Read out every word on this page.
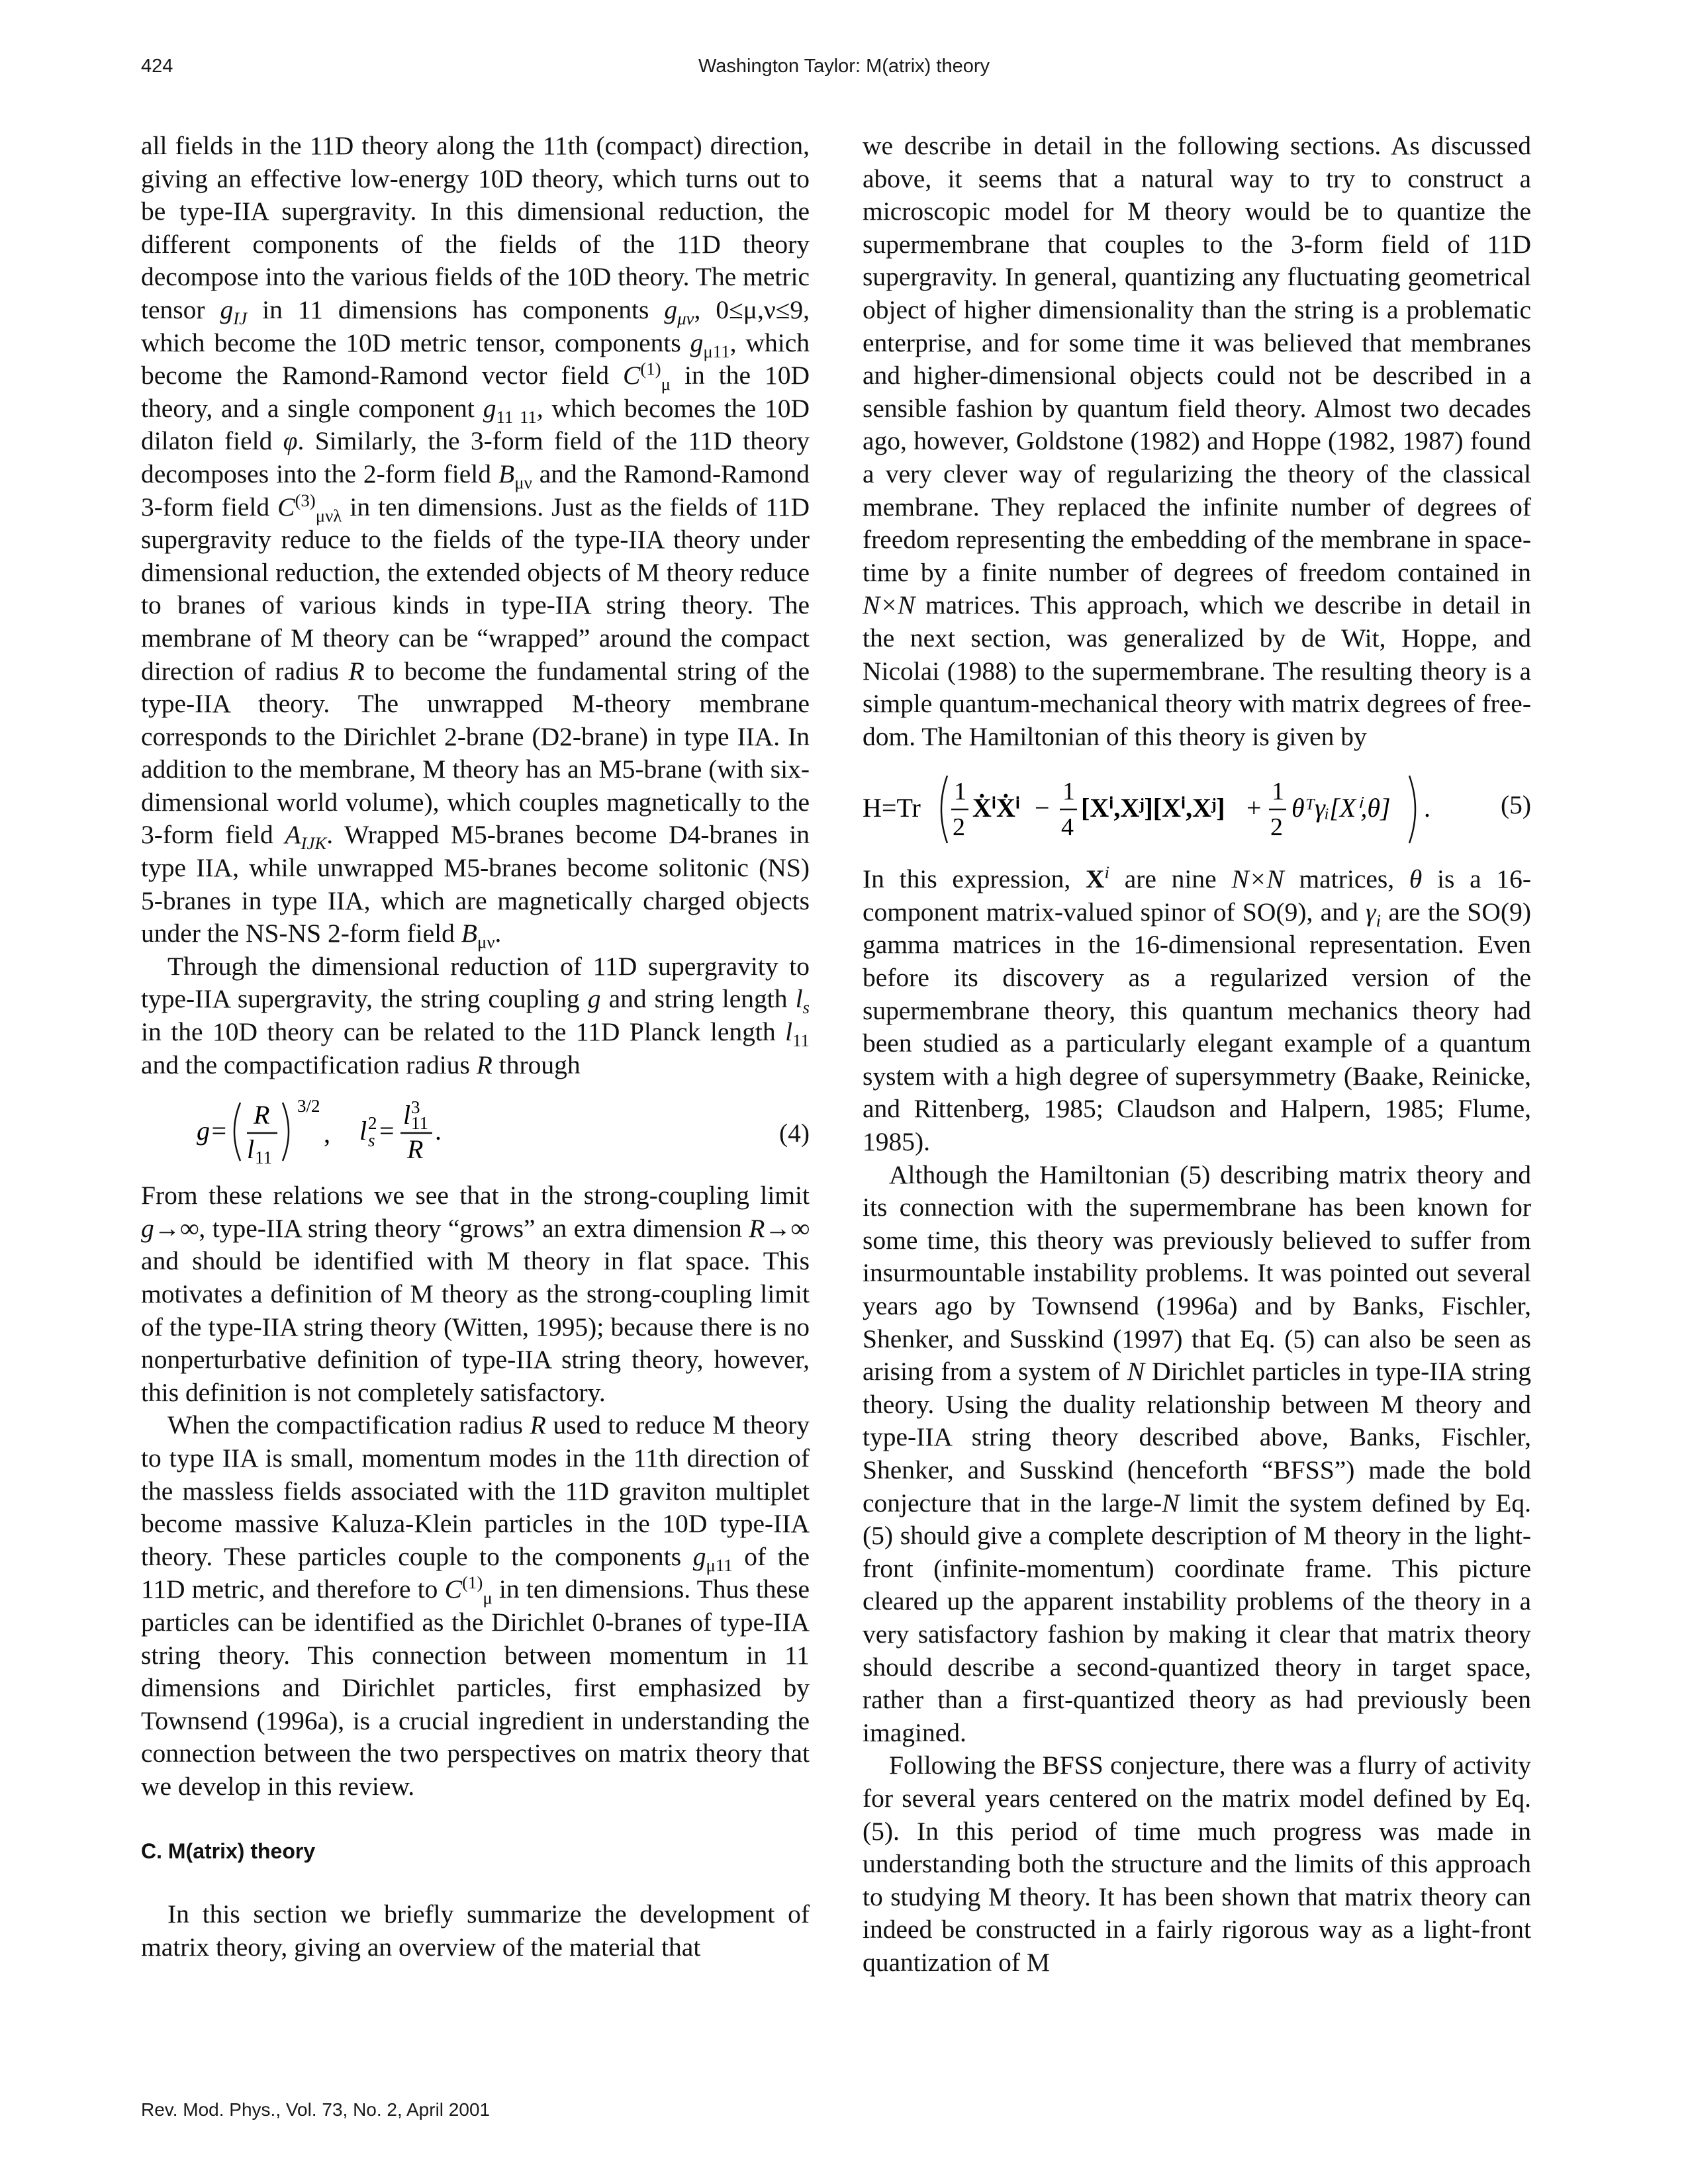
424	Washington Taylor: M(atrix) theory

all fields in the 11D theory along the 11th (compact) direction, giving an effective low-energy 10D theory, which turns out to be type-IIA supergravity. In this dimensional reduction, the different components of the fields of the 11D theory decompose into the various fields of the 10D theory. The metric tensor $g_{IJ}$ in 11 dimensions has components $g_{\mu\nu}$, 0≤μ,ν≤9, which become the 10D metric tensor, components $g_{\mu 11}$, which become the Ramond-Ramond vector field $C^{(1)}_\mu$ in the 10D theory, and a single component $g_{11 11}$, which becomes the 10D dilaton field φ. Similarly, the 3-form field of the 11D theory decomposes into the 2-form field $B_{\mu\nu}$ and the Ramond-Ramond 3-form field $C^{(3)}_{\mu\nu\lambda}$ in ten dimensions. Just as the fields of 11D supergravity reduce to the fields of the type-IIA theory under dimensional reduction, the extended objects of M theory reduce to branes of various kinds in type-IIA string theory. The membrane of M theory can be “wrapped” around the compact direction of radius R to become the fundamental string of the type-IIA theory. The unwrapped M-theory membrane corresponds to the Dirichlet 2-brane (D2-brane) in type IIA. In addition to the membrane, M theory has an M5-brane (with six-dimensional world volume), which couples magnetically to the 3-form field $A_{IJK}$. Wrapped M5-branes become D4-branes in type IIA, while unwrapped M5-branes become solitonic (NS) 5-branes in type IIA, which are magnetically charged objects under the NS-NS 2-form field $B_{\mu\nu}$.

Through the dimensional reduction of 11D supergravity to type-IIA supergravity, the string coupling g and string length $l_s$ in the 10D theory can be related to the 11D Planck length $l_{11}$ and the compactification radius R through

g=
R
l 11
3/2
, l 2
s =
l 3
11
R
.	(4)

From these relations we see that in the strong-coupling limit g→∞, type-IIA string theory “grows” an extra dimension R→∞ and should be identified with M theory in flat space. This motivates a definition of M theory as the strong-coupling limit of the type-IIA string theory (Witten, 1995); because there is no nonperturbative definition of type-IIA string theory, however, this definition is not completely satisfactory.

When the compactification radius R used to reduce M theory to type IIA is small, momentum modes in the 11th direction of the massless fields associated with the 11D graviton multiplet become massive Kaluza-Klein particles in the 10D type-IIA theory. These particles couple to the components $g_{\mu 11}$ of the 11D metric, and therefore to $C^{(1)}_\mu$ in ten dimensions. Thus these particles can be identified as the Dirichlet 0-branes of type-IIA string theory. This connection between momentum in 11 dimensions and Dirichlet particles, first emphasized by Townsend (1996a), is a crucial ingredient in understanding the connection between the two perspectives on matrix theory that we develop in this review.

C. M(atrix) theory

In this section we briefly summarize the development of matrix theory, giving an overview of the material that

we describe in detail in the following sections. As discussed above, it seems that a natural way to try to construct a microscopic model for M theory would be to quantize the supermembrane that couples to the 3-form field of 11D supergravity. In general, quantizing any fluctuating geometrical object of higher dimensionality than the string is a problematic enterprise, and for some time it was believed that membranes and higher-dimensional objects could not be described in a sensible fashion by quantum field theory. Almost two decades ago, however, Goldstone (1982) and Hoppe (1982, 1987) found a very clever way of regularizing the theory of the classical membrane. They replaced the infinite number of degrees of freedom representing the embedding of the membrane in space-time by a finite number of degrees of freedom contained in N×N matrices. This approach, which we describe in detail in the next section, was generalized by de Wit, Hoppe, and Nicolai (1988) to the supermembrane. The resulting theory is a simple quantum-mechanical theory with matrix degrees of freedom. The Hamiltonian of this theory is given by

H=Tr
1
2
ẊⁱẊⁱ −
1
4
[Xⁱ,Xʲ][Xⁱ,Xʲ] +
1
2
θᵀγᵢ[Xⁱ,θ] .	(5)

In this expression, $X^i$ are nine N×N matrices, θ is a 16-component matrix-valued spinor of SO(9), and $\gamma_i$ are the SO(9) gamma matrices in the 16-dimensional representation. Even before its discovery as a regularized version of the supermembrane theory, this quantum mechanics theory had been studied as a particularly elegant example of a quantum system with a high degree of supersymmetry (Baake, Reinicke, and Rittenberg, 1985; Claudson and Halpern, 1985; Flume, 1985).

Although the Hamiltonian (5) describing matrix theory and its connection with the supermembrane has been known for some time, this theory was previously believed to suffer from insurmountable instability problems. It was pointed out several years ago by Townsend (1996a) and by Banks, Fischler, Shenker, and Susskind (1997) that Eq. (5) can also be seen as arising from a system of N Dirichlet particles in type-IIA string theory. Using the duality relationship between M theory and type-IIA string theory described above, Banks, Fischler, Shenker, and Susskind (henceforth “BFSS”) made the bold conjecture that in the large-N limit the system defined by Eq. (5) should give a complete description of M theory in the light-front (infinite-momentum) coordinate frame. This picture cleared up the apparent instability problems of the theory in a very satisfactory fashion by making it clear that matrix theory should describe a second-quantized theory in target space, rather than a first-quantized theory as had previously been imagined.

Following the BFSS conjecture, there was a flurry of activity for several years centered on the matrix model defined by Eq. (5). In this period of time much progress was made in understanding both the structure and the limits of this approach to studying M theory. It has been shown that matrix theory can indeed be constructed in a fairly rigorous way as a light-front quantization of M

Rev. Mod. Phys., Vol. 73, No. 2, April 2001
